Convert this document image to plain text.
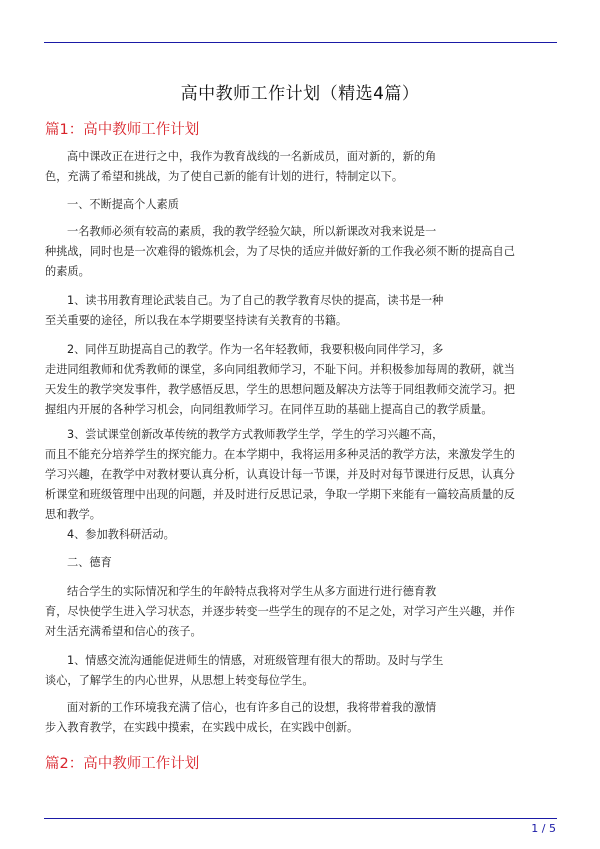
高中教师工作计划（精选4篇）
篇1：高中教师工作计划

高中课改正在进行之中，我作为教育战线的一名新成员，面对新的，新的角
色，充满了希望和挑战，为了使自己新的能有计划的进行，特制定以下。

一、不断提高个人素质

一名教师必须有较高的素质，我的教学经验欠缺，所以新课改对我来说是一
种挑战，同时也是一次难得的锻炼机会，为了尽快的适应并做好新的工作我必须不断的提高自己
的素质。

1、读书用教育理论武装自己。为了自己的教学教育尽快的提高，读书是一种
至关重要的途径，所以我在本学期要坚持读有关教育的书籍。

2、同伴互助提高自己的教学。作为一名年轻教师，我要积极向同伴学习，多
走进同组教师和优秀教师的课堂，多向同组教师学习，不耻下问。并积极参加每周的教研，就当
天发生的教学突发事件，教学感悟反思，学生的思想问题及解决方法等于同组教师交流学习。把
握组内开展的各种学习机会，向同组教师学习。在同伴互助的基础上提高自己的教学质量。

3、尝试课堂创新改革传统的教学方式教师教学生学，学生的学习兴趣不高，
而且不能充分培养学生的探究能力。在本学期中，我将运用多种灵活的教学方法，来激发学生的
学习兴趣，在教学中对教材要认真分析，认真设计每一节课，并及时对每节课进行反思，认真分
析课堂和班级管理中出现的问题，并及时进行反思记录，争取一学期下来能有一篇较高质量的反
思和教学。

4、参加教科研活动。

二、德育

结合学生的实际情况和学生的年龄特点我将对学生从多方面进行进行德育教
育，尽快使学生进入学习状态，并逐步转变一些学生的现存的不足之处，对学习产生兴趣，并作
对生活充满希望和信心的孩子。

1、情感交流沟通能促进师生的情感，对班级管理有很大的帮助。及时与学生
谈心，了解学生的内心世界，从思想上转变每位学生。

面对新的工作环境我充满了信心，也有许多自己的设想，我将带着我的激情
步入教育教学，在实践中摸索，在实践中成长，在实践中创新。

篇2：高中教师工作计划
1 / 5
